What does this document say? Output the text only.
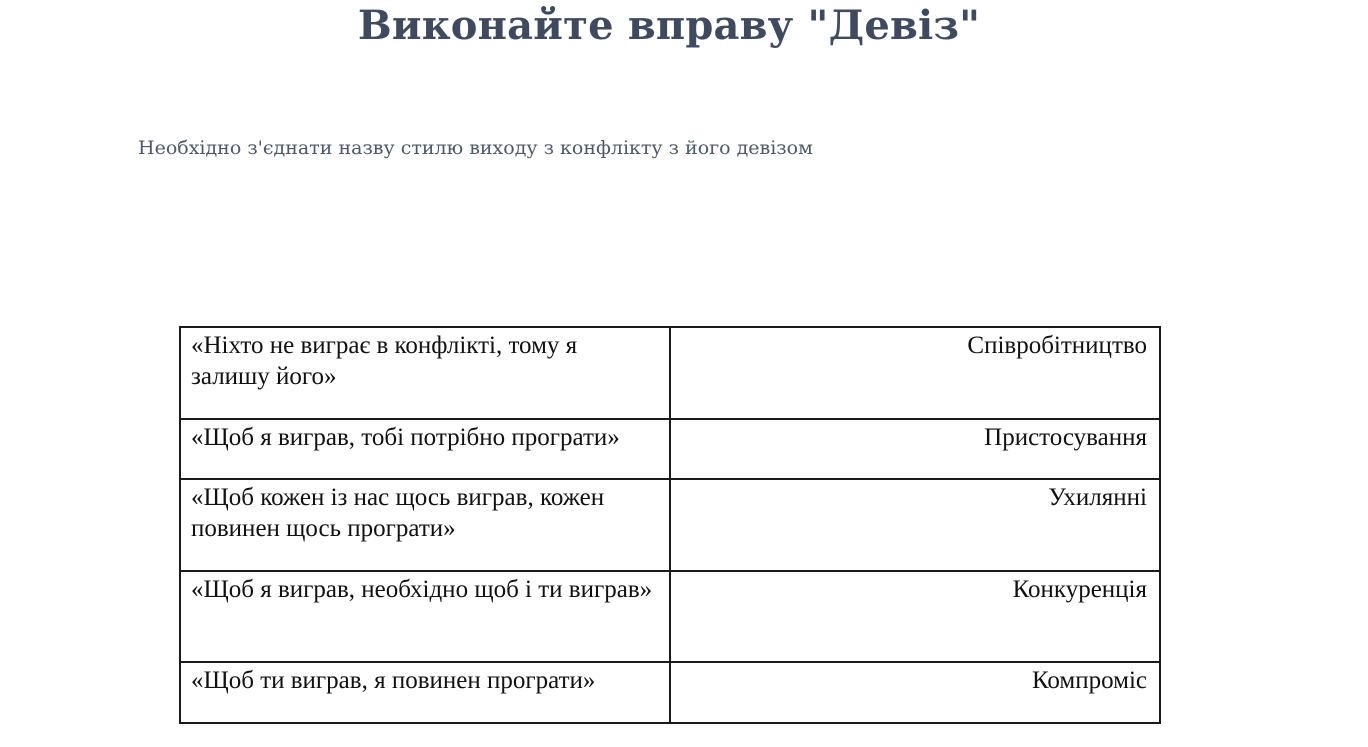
Виконайте вправу "Девіз"

Необхідно з'єднати назву стилю виходу з конфлікту з його девізом

«Ніхто не виграє в конфлікті, тому я залишу його»	Співробітництво
«Щоб я виграв, тобі потрібно програти»	Пристосування
«Щоб кожен із нас щось виграв, кожен повинен щось програти»	Ухилянні
«Щоб я виграв, необхідно щоб і ти виграв»	Конкуренція
«Щоб ти виграв, я повинен програти»	Компроміс
